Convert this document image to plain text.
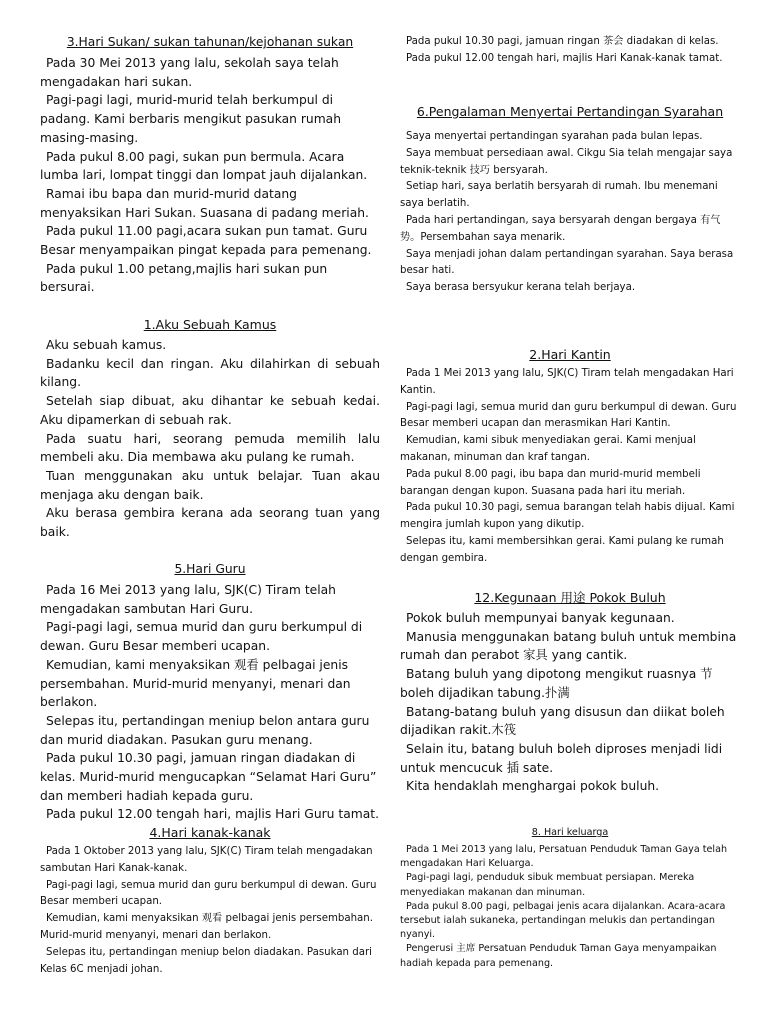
3.Hari Sukan/ sukan tahunan/kejohanan sukan

Pada 30 Mei 2013 yang lalu, sekolah saya telah mengadakan hari sukan.

Pagi-pagi lagi, murid-murid telah berkumpul di padang. Kami berbaris mengikut pasukan rumah masing-masing.

Pada pukul 8.00 pagi, sukan pun bermula. Acara lumba lari, lompat tinggi dan lompat jauh dijalankan.

Ramai ibu bapa dan murid-murid datang menyaksikan Hari Sukan. Suasana di padang meriah.

Pada pukul 11.00 pagi,acara sukan pun tamat. Guru Besar menyampaikan pingat kepada para pemenang.

Pada pukul 1.00 petang,majlis hari sukan pun bersurai.

1.Aku Sebuah Kamus

Aku sebuah kamus.

Badanku kecil dan ringan. Aku dilahirkan di sebuah kilang.

Setelah siap dibuat, aku dihantar ke sebuah kedai. Aku dipamerkan di sebuah rak.

Pada suatu hari, seorang pemuda memilih lalu membeli aku. Dia membawa aku pulang ke rumah.

Tuan menggunakan aku untuk belajar. Tuan akau menjaga aku dengan baik.

Aku berasa gembira kerana ada seorang tuan yang baik.

5.Hari Guru

Pada 16 Mei 2013 yang lalu, SJK(C) Tiram telah mengadakan sambutan Hari Guru.

Pagi-pagi lagi, semua murid dan guru berkumpul di dewan. Guru Besar memberi ucapan.

Kemudian, kami menyaksikan 观看 pelbagai jenis persembahan. Murid-murid menyanyi, menari dan berlakon.

Selepas itu, pertandingan meniup belon antara guru dan murid diadakan. Pasukan guru menang.

Pada pukul 10.30 pagi, jamuan ringan diadakan di kelas. Murid-murid mengucapkan “Selamat Hari Guru” dan memberi hadiah kepada guru.

Pada pukul 12.00 tengah hari, majlis Hari Guru tamat.

4.Hari kanak-kanak

Pada 1 Oktober 2013 yang lalu, SJK(C) Tiram telah mengadakan sambutan Hari Kanak-kanak.

Pagi-pagi lagi, semua murid dan guru berkumpul di dewan. Guru Besar memberi ucapan.

Kemudian, kami menyaksikan 观看 pelbagai jenis persembahan. Murid-murid menyanyi, menari dan berlakon.

Selepas itu, pertandingan meniup belon diadakan. Pasukan dari Kelas 6C menjadi johan.

Pada pukul 10.30 pagi, jamuan ringan 茶会 diadakan di kelas.

Pada pukul 12.00 tengah hari, majlis Hari Kanak-kanak tamat.

6.Pengalaman Menyertai Pertandingan Syarahan

Saya menyertai pertandingan syarahan pada bulan lepas.

Saya membuat persediaan awal. Cikgu Sia telah mengajar saya teknik-teknik 技巧 bersyarah.

Setiap hari, saya berlatih bersyarah di rumah. Ibu menemani saya berlatih.

Pada hari pertandingan, saya bersyarah dengan bergaya 有气势。Persembahan saya menarik.

Saya menjadi johan dalam pertandingan syarahan. Saya berasa besar hati.

Saya berasa bersyukur kerana telah berjaya.

2.Hari Kantin

Pada 1 Mei 2013 yang lalu, SJK(C) Tiram telah mengadakan Hari Kantin.

Pagi-pagi lagi, semua murid dan guru berkumpul di dewan. Guru Besar memberi ucapan dan merasmikan Hari Kantin.

Kemudian, kami sibuk menyediakan gerai. Kami menjual makanan, minuman dan kraf tangan.

Pada pukul 8.00 pagi, ibu bapa dan murid-murid membeli barangan dengan kupon. Suasana pada hari itu meriah.

Pada pukul 10.30 pagi, semua barangan telah habis dijual. Kami mengira jumlah kupon yang dikutip.

Selepas itu, kami membersihkan gerai. Kami pulang ke rumah dengan gembira.

12.Kegunaan 用途 Pokok Buluh

Pokok buluh mempunyai banyak kegunaan.

Manusia menggunakan batang buluh untuk membina rumah dan perabot 家具 yang cantik.

Batang buluh yang dipotong mengikut ruasnya 节 boleh dijadikan tabung.扑满

Batang-batang buluh yang disusun dan diikat boleh dijadikan rakit.木筏

Selain itu, batang buluh boleh diproses menjadi lidi untuk mencucuk 插 sate.

Kita hendaklah menghargai pokok buluh.

8. Hari keluarga

Pada 1 Mei 2013 yang lalu, Persatuan Penduduk Taman Gaya telah mengadakan Hari Keluarga.

Pagi-pagi lagi, penduduk sibuk membuat persiapan. Mereka menyediakan makanan dan minuman.

Pada pukul 8.00 pagi, pelbagai jenis acara dijalankan. Acara-acara tersebut ialah sukaneka, pertandingan melukis dan pertandingan nyanyi.

Pengerusi 主席 Persatuan Penduduk Taman Gaya menyampaikan hadiah kepada para pemenang.
